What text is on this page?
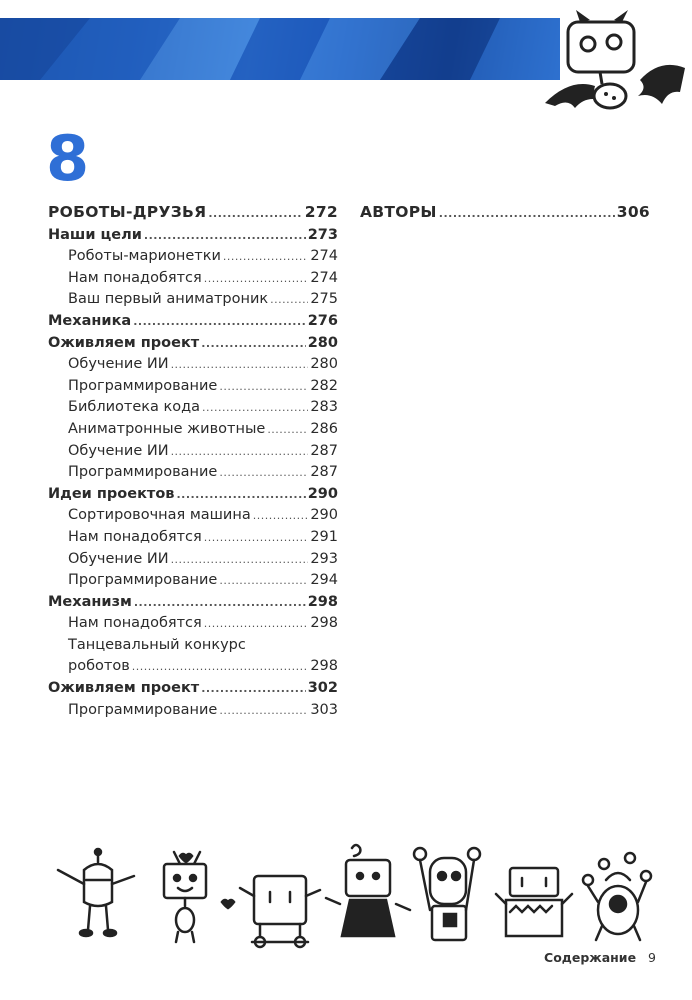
8
РОБОТЫ-ДРУЗЬЯ .....	272
Наши цели .....	273
Роботы-марионетки .....	274
Нам понадобятся .....	274
Ваш первый аниматроник .....	275
Механика .....	276
Оживляем проект .....	280
Обучение ИИ .....	280
Программирование .....	282
Библиотека кода .....	283
Аниматронные животные .....	286
Обучение ИИ .....	287
Программирование .....	287
Идеи проектов .....	290
Сортировочная машина .....	290
Нам понадобятся .....	291
Обучение ИИ .....	293
Программирование .....	294
Механизм .....	298
Нам понадобятся .....	298
Танцевальный конкурс
роботов .....	298
Оживляем проект .....	302
Программирование .....	303
АВТОРЫ .....	306
Содержание 9
